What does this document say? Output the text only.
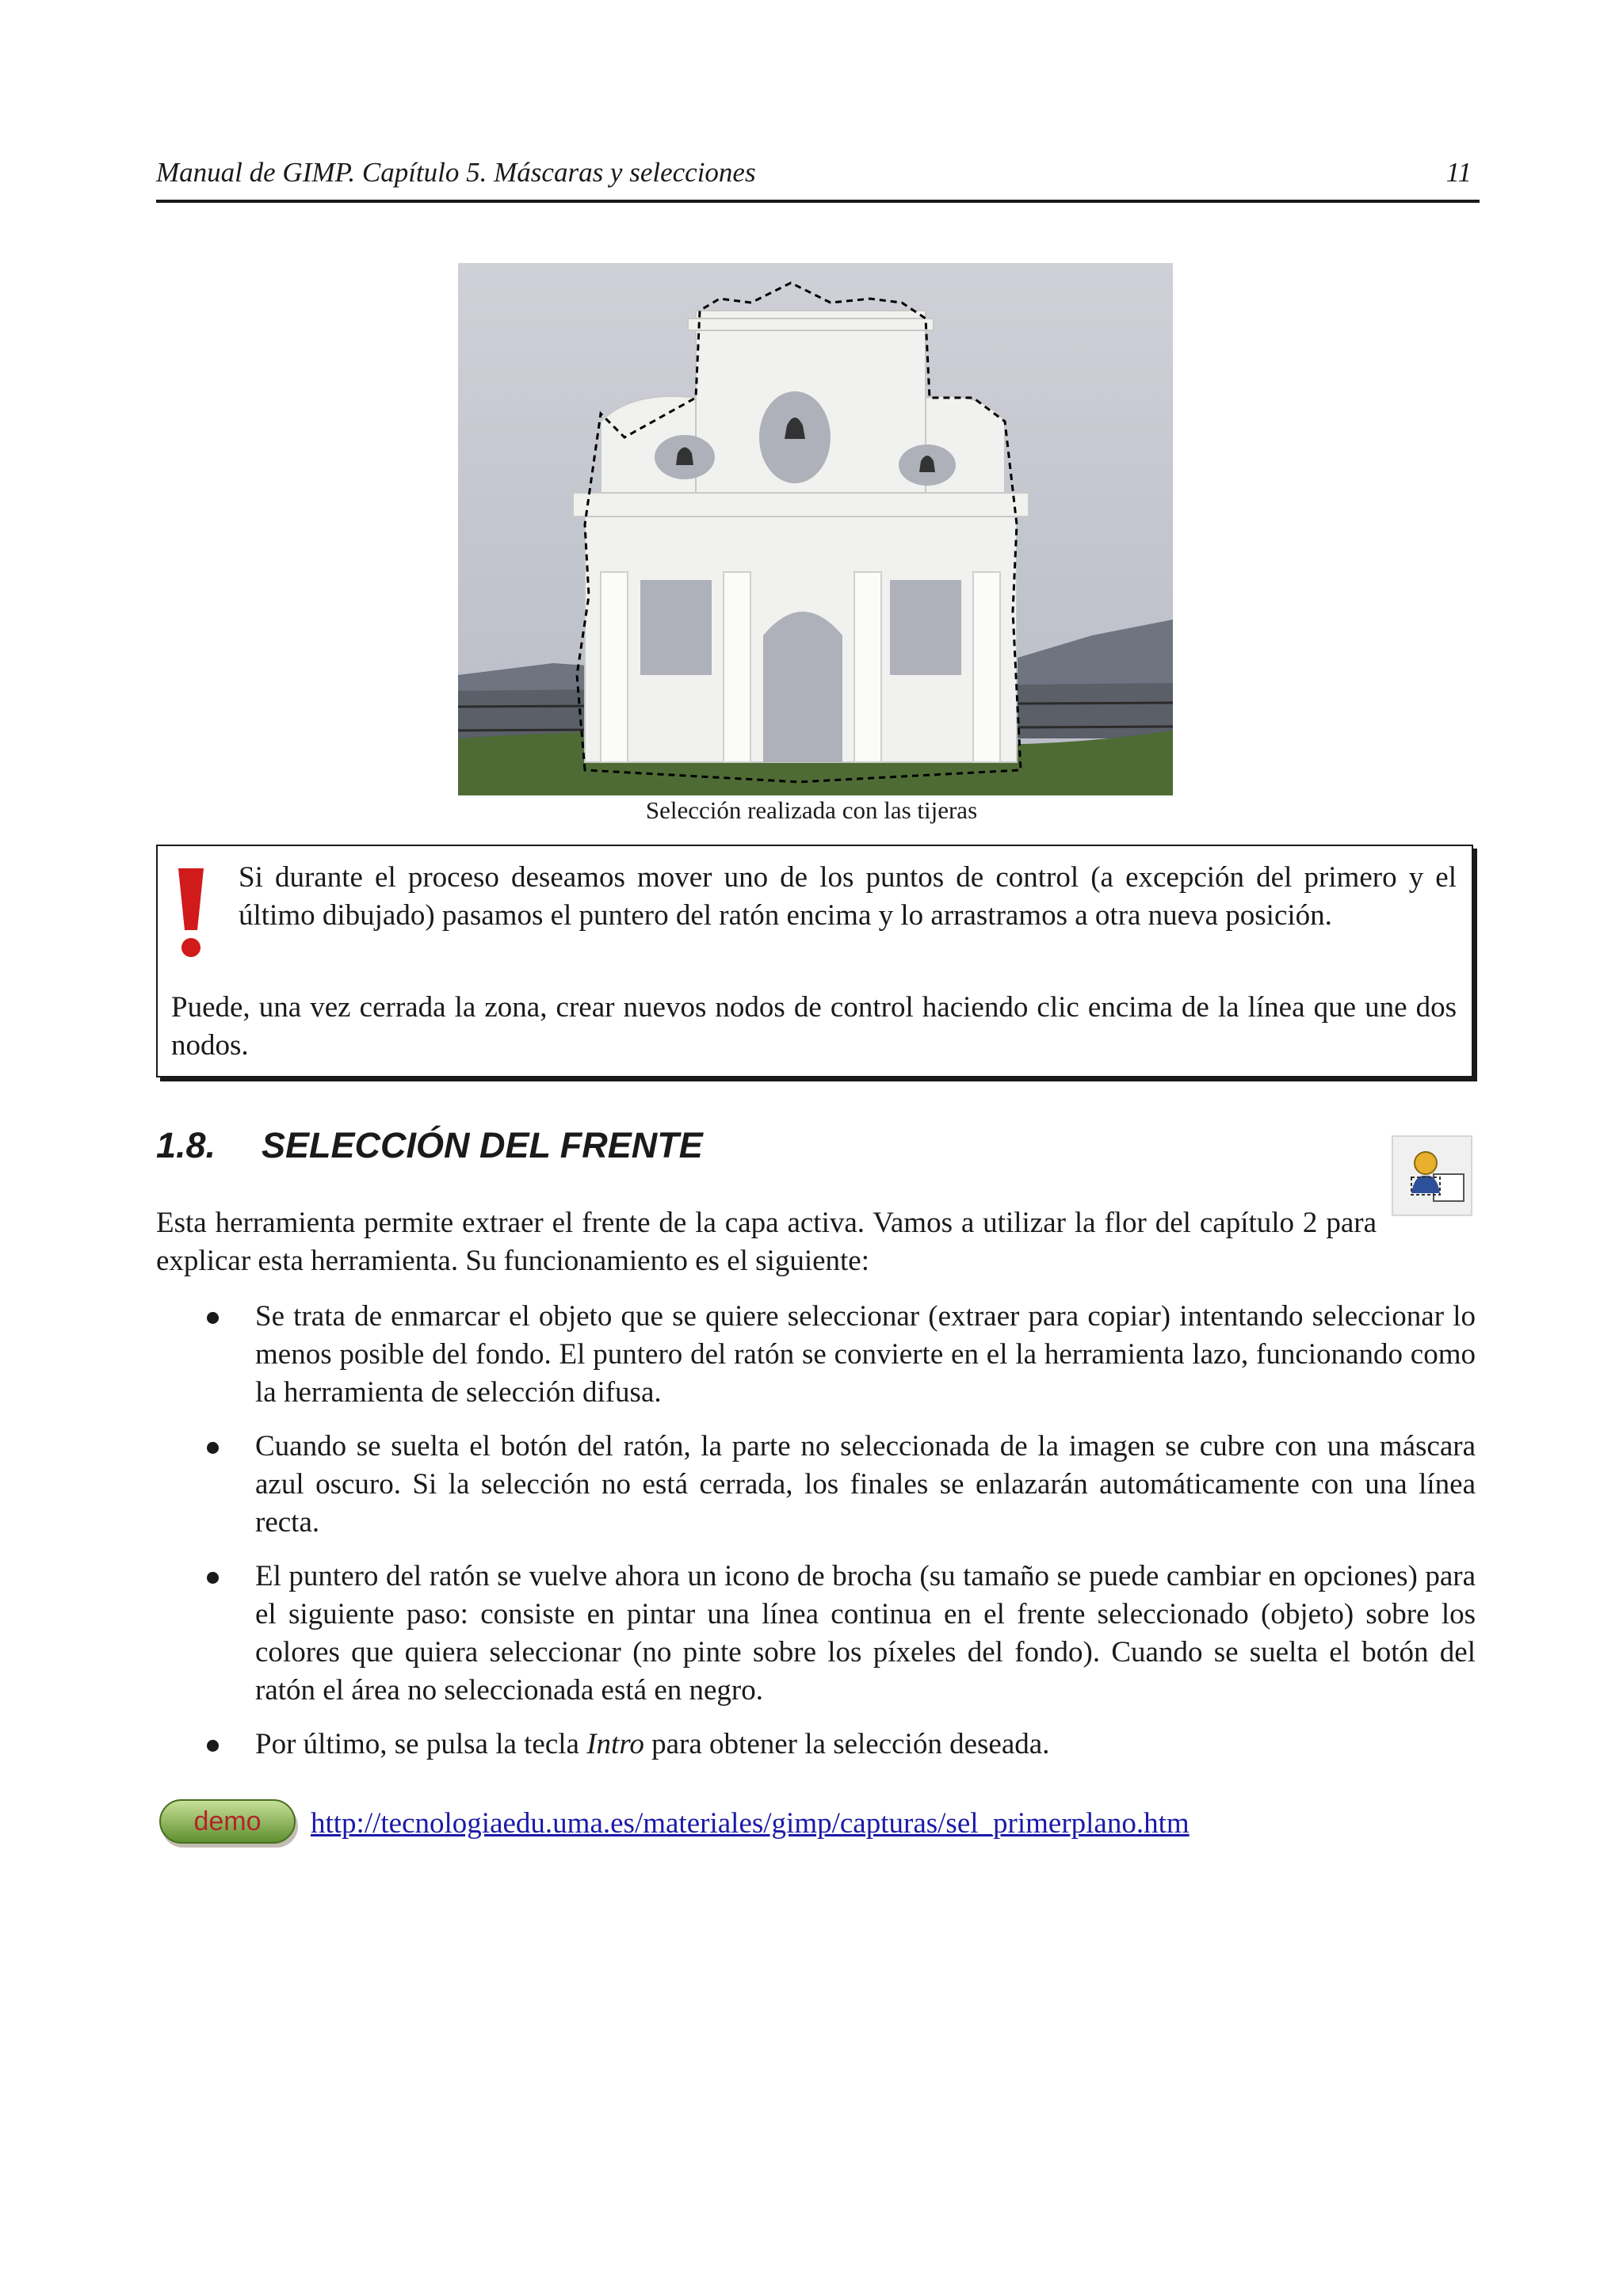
Manual de GIMP. Capítulo 5. Máscaras y selecciones	11
Selección realizada con las tijeras
Si durante el proceso deseamos mover uno de los puntos de control (a excepción del primero y el último dibujado) pasamos el puntero del ratón encima y lo arrastramos a otra nueva posición.
Puede, una vez cerrada la zona, crear nuevos nodos de control haciendo clic encima de la línea que une dos nodos.
1.8. SELECCIÓN DEL FRENTE
Esta herramienta permite extraer el frente de la capa activa. Vamos a utilizar la flor del capítulo 2 para explicar esta herramienta. Su funcionamiento es el siguiente:
Se trata de enmarcar el objeto que se quiere seleccionar (extraer para copiar) intentando seleccionar lo menos posible del fondo. El puntero del ratón se convierte en el la herramienta lazo, funcionando como la herramienta de selección difusa.
Cuando se suelta el botón del ratón, la parte no seleccionada de la imagen se cubre con una máscara azul oscuro. Si la selección no está cerrada, los finales se enlazarán automáticamente con una línea recta.
El puntero del ratón se vuelve ahora un icono de brocha (su tamaño se puede cambiar en opciones) para el siguiente paso: consiste en pintar una línea continua en el frente seleccionado (objeto) sobre los colores que quiera seleccionar (no pinte sobre los píxeles del fondo). Cuando se suelta el botón del ratón el área no seleccionada está en negro.
Por último, se pulsa la tecla Intro para obtener la selección deseada.
demo http://tecnologiaedu.uma.es/materiales/gimp/capturas/sel_primerplano.htm
